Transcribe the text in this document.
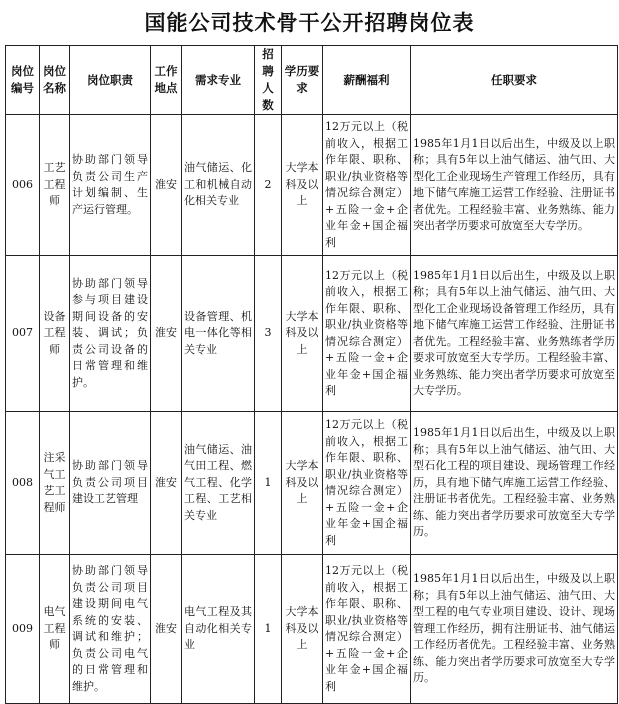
国能公司技术骨干公开招聘岗位表
岗位编号	岗位名称	岗位职责	工作地点	需求专业	招聘人数	学历要求	薪酬福利	任职要求
006	工艺工程师	协助部门领导负责公司生产计划编制、生产运行管理。	淮安	油气储运、化工和机械自动化相关专业	2	大学本科及以上	12万元以上（税前收入，根据工作年限、职称、职业/执业资格等情况综合测定）+五险一金+企业年金+国企福利	1985年1月1日以后出生，中级及以上职称；具有5年以上油气储运、油气田、大型化工企业现场生产管理工作经历，具有地下储气库施工运营工作经验、注册证书者优先。工程经验丰富、业务熟练、能力突出者学历要求可放宽至大专学历。
007	设备工程师	协助部门领导参与项目建设期间设备的安装、调试；负责公司设备的日常管理和维护。	淮安	设备管理、机电一体化等相关专业	3	大学本科及以上	12万元以上（税前收入，根据工作年限、职称、职业/执业资格等情况综合测定）+五险一金+企业年金+国企福利	1985年1月1日以后出生，中级及以上职称；具有5年以上油气储运、油气田、大型化工企业现场设备管理工作经历，具有地下储气库施工运营工作经验、注册证书者优先。工程经验丰富、业务熟练者学历要求可放宽至大专学历。工程经验丰富、业务熟练、能力突出者学历要求可放宽至大专学历。
008	注采气工艺工程师	协助部门领导负责公司项目建设工艺管理	淮安	油气储运、油气田工程、燃气工程、化学工程、工艺相关专业	1	大学本科及以上	12万元以上（税前收入，根据工作年限、职称、职业/执业资格等情况综合测定）+五险一金+企业年金+国企福利	1985年1月1日以后出生，中级及以上职称；具有5年以上油气储运、油气田、大型石化工程的项目建设、现场管理工作经历，具有地下储气库施工运营工作经验、注册证书者优先。工程经验丰富、业务熟练、能力突出者学历要求可放宽至大专学历。
009	电气工程师	协助部门领导负责公司项目建设期间电气系统的安装、调试和维护；负责公司电气的日常管理和维护。	淮安	电气工程及其自动化相关专业	1	大学本科及以上	12万元以上（税前收入，根据工作年限、职称、职业/执业资格等情况综合测定）+五险一金+企业年金+国企福利	1985年1月1日以后出生，中级及以上职称；具有5年以上油气储运、油气田、大型工程的电气专业项目建设、设计、现场管理工作经历，拥有注册证书、油气储运工作经历者优先。工程经验丰富、业务熟练、能力突出者学历要求可放宽至大专学历。
